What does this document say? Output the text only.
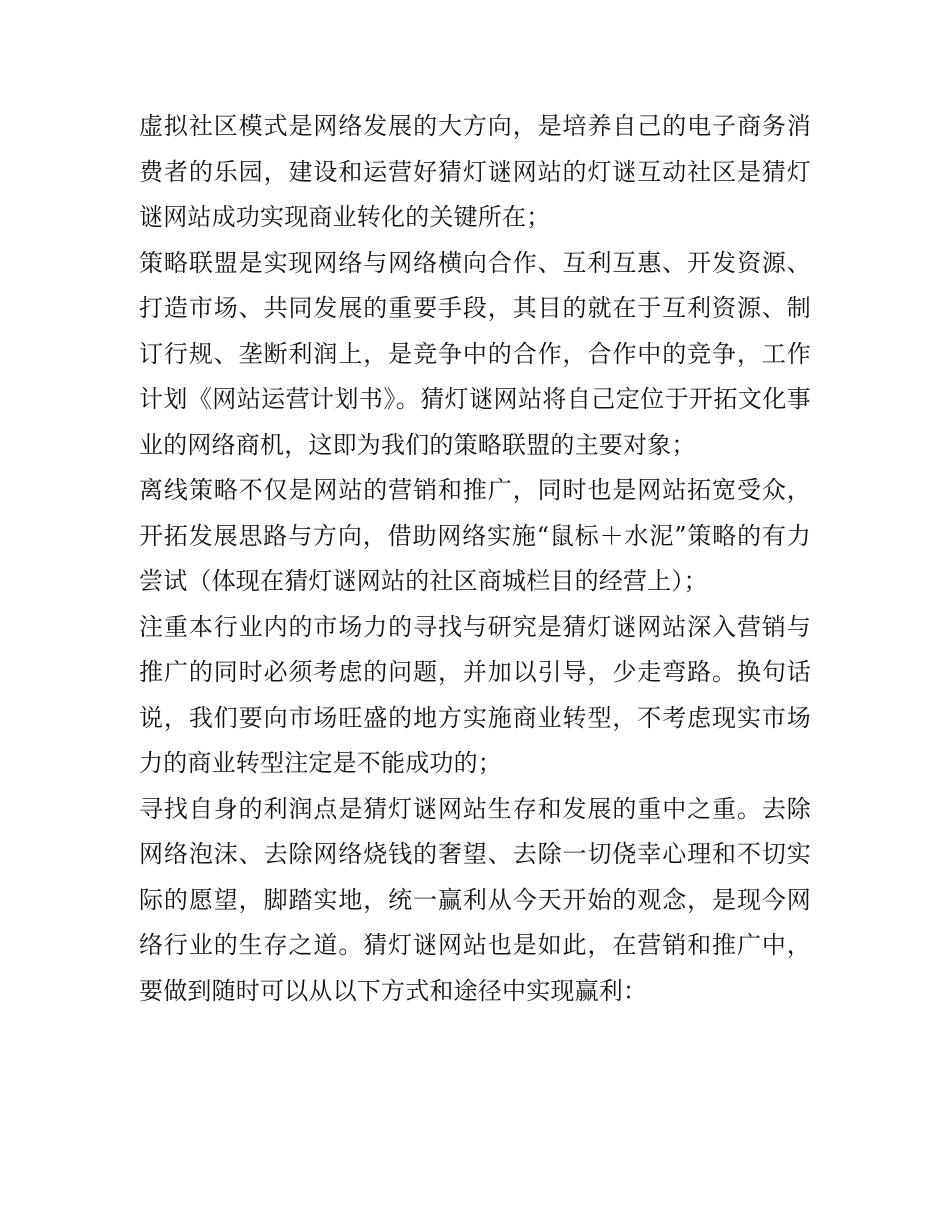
虚拟社区模式是网络发展的大方向，是培养自己的电子商务消费者的乐园，建设和运营好猜灯谜网站的灯谜互动社区是猜灯谜网站成功实现商业转化的关键所在；

策略联盟是实现网络与网络横向合作、互利互惠、开发资源、打造市场、共同发展的重要手段，其目的就在于互利资源、制订行规、垄断利润上，是竞争中的合作，合作中的竞争，工作计划《网站运营计划书》。猜灯谜网站将自己定位于开拓文化事业的网络商机，这即为我们的策略联盟的主要对象；

离线策略不仅是网站的营销和推广，同时也是网站拓宽受众，开拓发展思路与方向，借助网络实施“鼠标＋水泥”策略的有力尝试（体现在猜灯谜网站的社区商城栏目的经营上）；

注重本行业内的市场力的寻找与研究是猜灯谜网站深入营销与推广的同时必须考虑的问题，并加以引导，少走弯路。换句话说，我们要向市场旺盛的地方实施商业转型，不考虑现实市场力的商业转型注定是不能成功的；

寻找自身的利润点是猜灯谜网站生存和发展的重中之重。去除网络泡沫、去除网络烧钱的奢望、去除一切侥幸心理和不切实际的愿望，脚踏实地，统一赢利从今天开始的观念，是现今网络行业的生存之道。猜灯谜网站也是如此，在营销和推广中，要做到随时可以从以下方式和途径中实现赢利：
